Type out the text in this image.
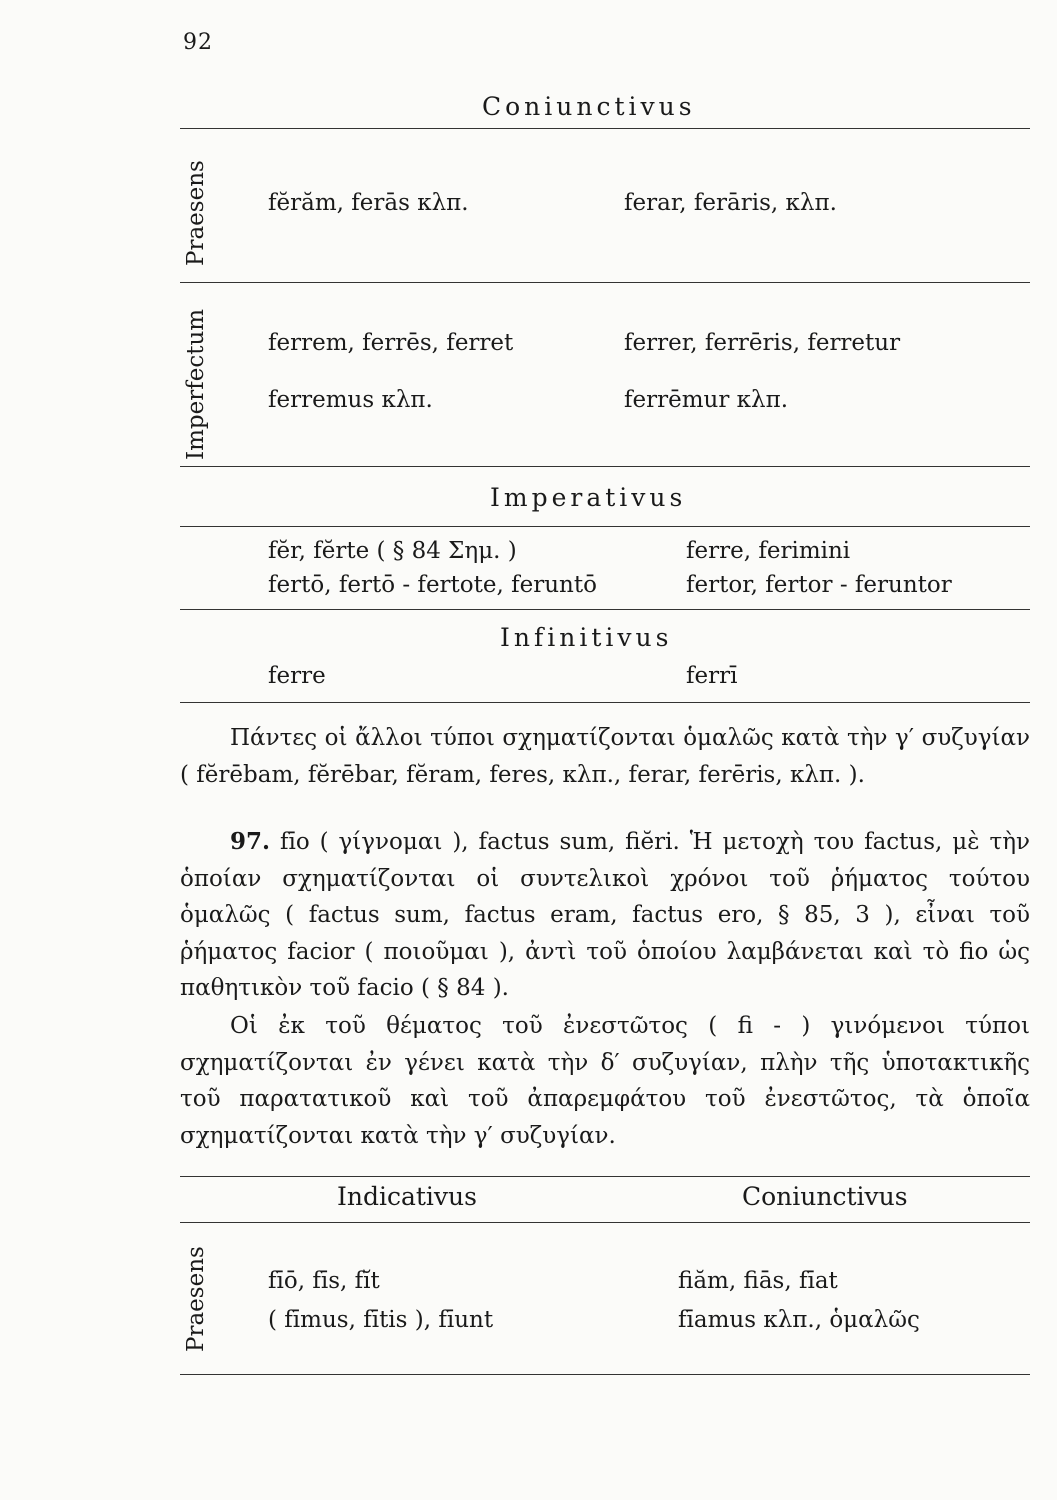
92
Coniunctivus
Praesens	fĕrăm, ferās κλπ.	ferar, ferāris, κλπ.
Imperfectum	ferrem, ferrēs, ferret	ferrer, ferrēris, ferretur
ferremus κλπ.	ferrēmur κλπ.
Imperativus
fĕr, fĕrte ( § 84 Σημ. )	ferre, ferimini
fertō, fertō - fertote, feruntō	fertor, fertor - feruntor
Infinitivus
ferre	ferrī

Πάντες οἱ ἄλλοι τύποι σχηματίζονται ὁμαλῶς κατὰ τὴν γ′ συζυγίαν ( fĕrēbam, fĕrēbar, fĕram, feres, κλπ., ferar, ferēris, κλπ. ).

97. fīo ( γίγνομαι ), factus sum, fiĕri. Ἡ μετοχὴ του factus, μὲ τὴν ὁποίαν σχηματίζονται οἱ συντελικοὶ χρόνοι τοῦ ῥήματος τούτου ὁμαλῶς ( factus sum, factus eram, factus ero, § 85, 3 ), εἶναι τοῦ ῥήματος facior ( ποιοῦμαι ), ἀντὶ τοῦ ὁποίου λαμβάνεται καὶ τὸ fio ὡς παθητικὸν τοῦ facio ( § 84 ).

Οἱ ἐκ τοῦ θέματος τοῦ ἐνεστῶτος ( fi - ) γινόμενοι τύποι σχηματίζονται ἐν γένει κατὰ τὴν δ′ συζυγίαν, πλὴν τῆς ὑποτακτικῆς τοῦ παρατατικοῦ καὶ τοῦ ἀπαρεμφάτου τοῦ ἐνεστῶτος, τὰ ὁποῖα σχηματίζονται κατὰ τὴν γ′ συζυγίαν.

Indicativus	Coniunctivus
Praesens	fīō, fīs, fĭt	fiăm, fiās, fīat
( fīmus, fītis ), fīunt	fīamus κλπ., ὁμαλῶς
